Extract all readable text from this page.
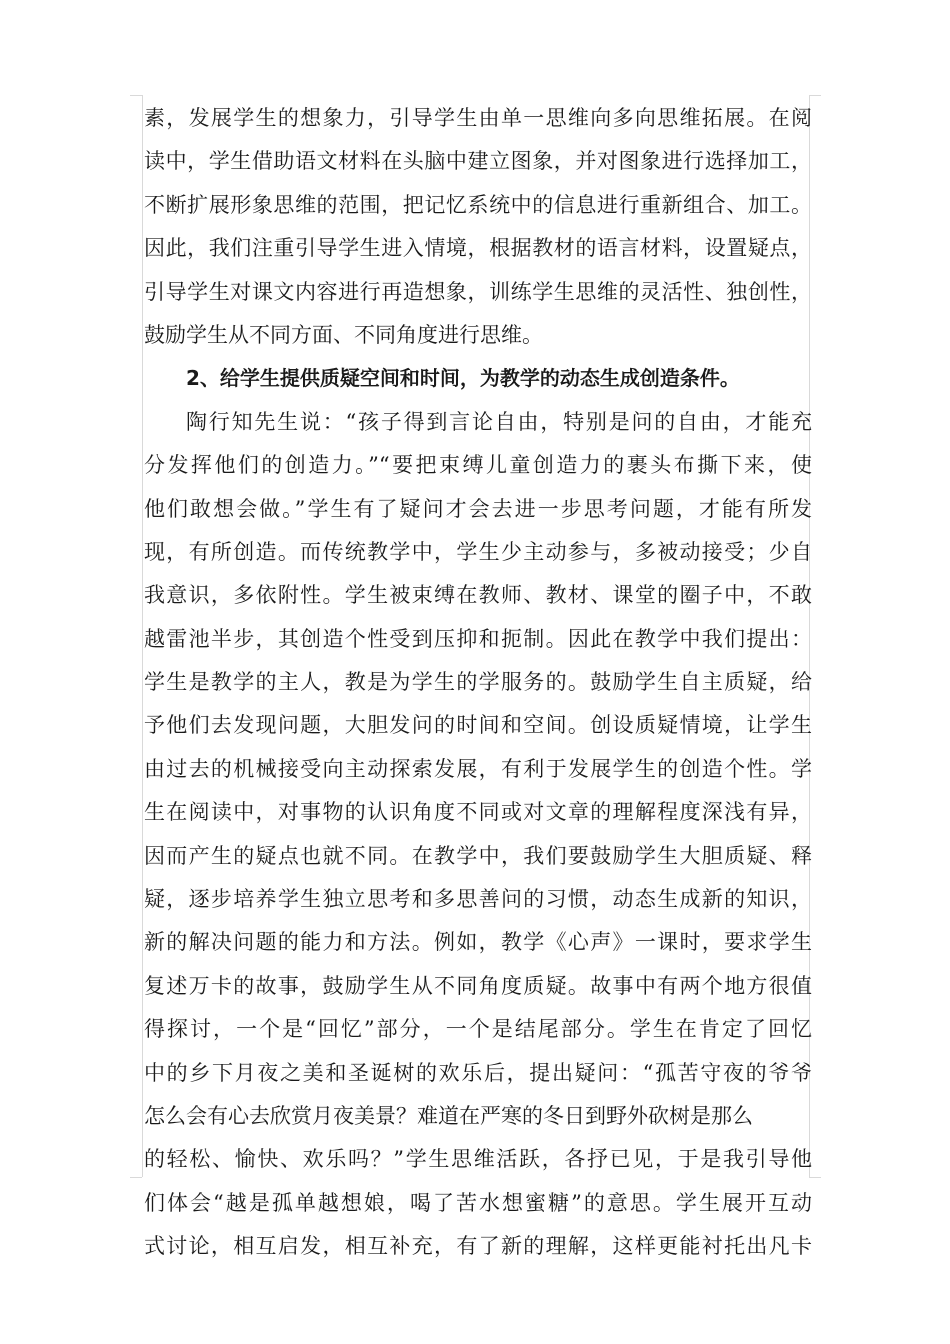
素，发展学生的想象力，引导学生由单一思维向多向思维拓展。在阅
读中，学生借助语文材料在头脑中建立图象，并对图象进行选择加工，
不断扩展形象思维的范围，把记忆系统中的信息进行重新组合、加工。
因此，我们注重引导学生进入情境，根据教材的语言材料，设置疑点，
引导学生对课文内容进行再造想象，训练学生思维的灵活性、独创性，
鼓励学生从不同方面、不同角度进行思维。
2、给学生提供质疑空间和时间，为教学的动态生成创造条件。
陶行知先生说：“孩子得到言论自由，特别是问的自由，才能充
分发挥他们的创造力。”“要把束缚儿童创造力的裹头布撕下来，使
他们敢想会做。”学生有了疑问才会去进一步思考问题，才能有所发
现，有所创造。而传统教学中，学生少主动参与，多被动接受；少自
我意识，多依附性。学生被束缚在教师、教材、课堂的圈子中，不敢
越雷池半步，其创造个性受到压抑和扼制。因此在教学中我们提出：
学生是教学的主人，教是为学生的学服务的。鼓励学生自主质疑，给
予他们去发现问题，大胆发问的时间和空间。创设质疑情境，让学生
由过去的机械接受向主动探索发展，有利于发展学生的创造个性。学
生在阅读中，对事物的认识角度不同或对文章的理解程度深浅有异，
因而产生的疑点也就不同。在教学中，我们要鼓励学生大胆质疑、释
疑，逐步培养学生独立思考和多思善问的习惯，动态生成新的知识，
新的解决问题的能力和方法。例如，教学《心声》一课时，要求学生
复述万卡的故事，鼓励学生从不同角度质疑。故事中有两个地方很值
得探讨，一个是“回忆”部分，一个是结尾部分。学生在肯定了回忆
中的乡下月夜之美和圣诞树的欢乐后，提出疑问：“孤苦守夜的爷爷
怎么会有心去欣赏月夜美景？难道在严寒的冬日到野外砍树是那么
的轻松、愉快、欢乐吗？”学生思维活跃，各抒已见，于是我引导他
们体会“越是孤单越想娘，喝了苦水想蜜糖”的意思。学生展开互动
式讨论，相互启发，相互补充，有了新的理解，这样更能衬托出凡卡
